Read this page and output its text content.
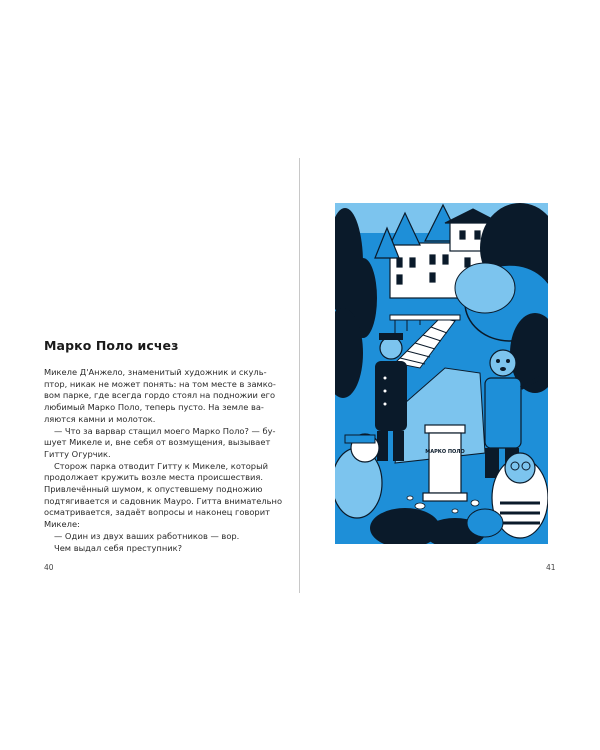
Марко Поло исчез

Микеле Д'Анжело, знаменитый художник и скуль-
птор, никак не может понять: на том месте в замко-
вом парке, где всегда гордо стоял на подножии его
любимый Марко Поло, теперь пусто. На земле ва-
ляются камни и молоток.

— Что за варвар стащил моего Марко Поло? — бу-
шует Микеле и, вне себя от возмущения, вызывает
Гитту Огурчик.

Сторож парка отводит Гитту к Микеле, который
продолжает кружить возле места происшествия.
Привлечённый шумом, к опустевшему подножию
подтягивается и садовник Мауро. Гитта внимательно
осматривается, задаёт вопросы и наконец говорит
Микеле:

— Один из двух ваших работников — вор.

Чем выдал себя преступник?

40
МАРКО ПОЛО
41
